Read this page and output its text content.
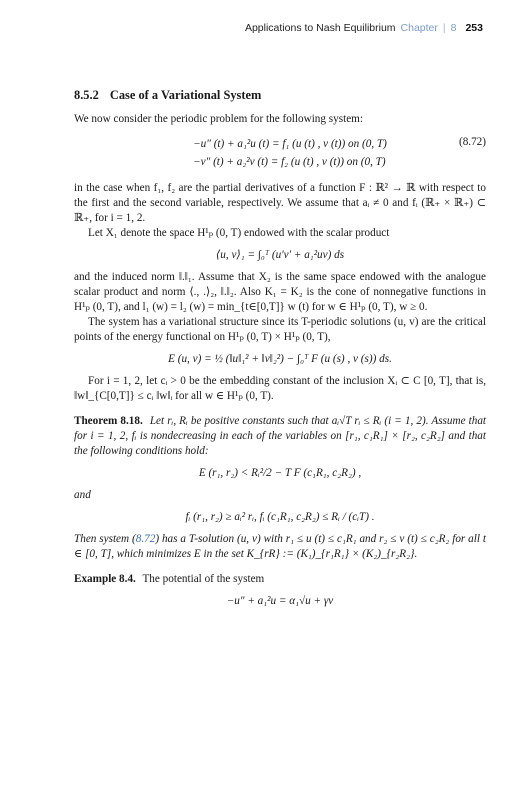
Applications to Nash Equilibrium Chapter | 8 253
8.5.2 Case of a Variational System

We now consider the periodic problem for the following system:

−u″ (t) + a₁²u (t) = f₁ (u (t) , v (t)) on (0, T)
−v″ (t) + a₂²v (t) = f₂ (u (t) , v (t)) on (0, T)
(8.72)

in the case when f₁, f₂ are the partial derivatives of a function F : ℝ² → ℝ with respect to the first and the second variable, respectively. We assume that aᵢ ≠ 0 and fᵢ (ℝ₊ × ℝ₊) ⊂ ℝ₊, for i = 1, 2.

Let X₁ denote the space H¹ₚ (0, T) endowed with the scalar product

⟨u, v⟩₁ = ∫₀ᵀ (u′v′ + a₁²uv) ds

and the induced norm ‖.‖₁. Assume that X₂ is the same space endowed with the analogue scalar product and norm ⟨., .⟩₂, ‖.‖₂. Also K₁ = K₂ is the cone of nonnegative functions in H¹ₚ (0, T), and l₁ (w) = l₂ (w) = min_{t∈[0,T]} w (t) for w ∈ H¹ₚ (0, T), w ≥ 0.

The system has a variational structure since its T-periodic solutions (u, v) are the critical points of the energy functional on H¹ₚ (0, T) × H¹ₚ (0, T),

E (u, v) = ½ (‖u‖₁² + ‖v‖₂²) − ∫₀ᵀ F (u (s) , v (s)) ds.

For i = 1, 2, let cᵢ > 0 be the embedding constant of the inclusion Xᵢ ⊂ C [0, T], that is, ‖w‖_{C[0,T]} ≤ cᵢ ‖w‖ᵢ for all w ∈ H¹ₚ (0, T).

Theorem 8.18. Let rᵢ, Rᵢ be positive constants such that aᵢ√T rᵢ ≤ Rᵢ (i = 1, 2). Assume that for i = 1, 2, fᵢ is nondecreasing in each of the variables on [r₁, c₁R₁] × [r₂, c₂R₂] and that the following conditions hold:

E (r₁, r₂) < Rᵢ²/2 − T F (c₁R₁, c₂R₂) ,
and
fᵢ (r₁, r₂) ≥ aᵢ² rᵢ, fᵢ (c₁R₁, c₂R₂) ≤ Rᵢ / (cᵢT) .

Then system (8.72) has a T-solution (u, v) with r₁ ≤ u (t) ≤ c₁R₁ and r₂ ≤ v (t) ≤ c₂R₂ for all t ∈ [0, T], which minimizes E in the set K_{rR} := (K₁)_{r₁R₁} × (K₂)_{r₂R₂}.

Example 8.4. The potential of the system

−u″ + a₁²u = α₁√u + γv
